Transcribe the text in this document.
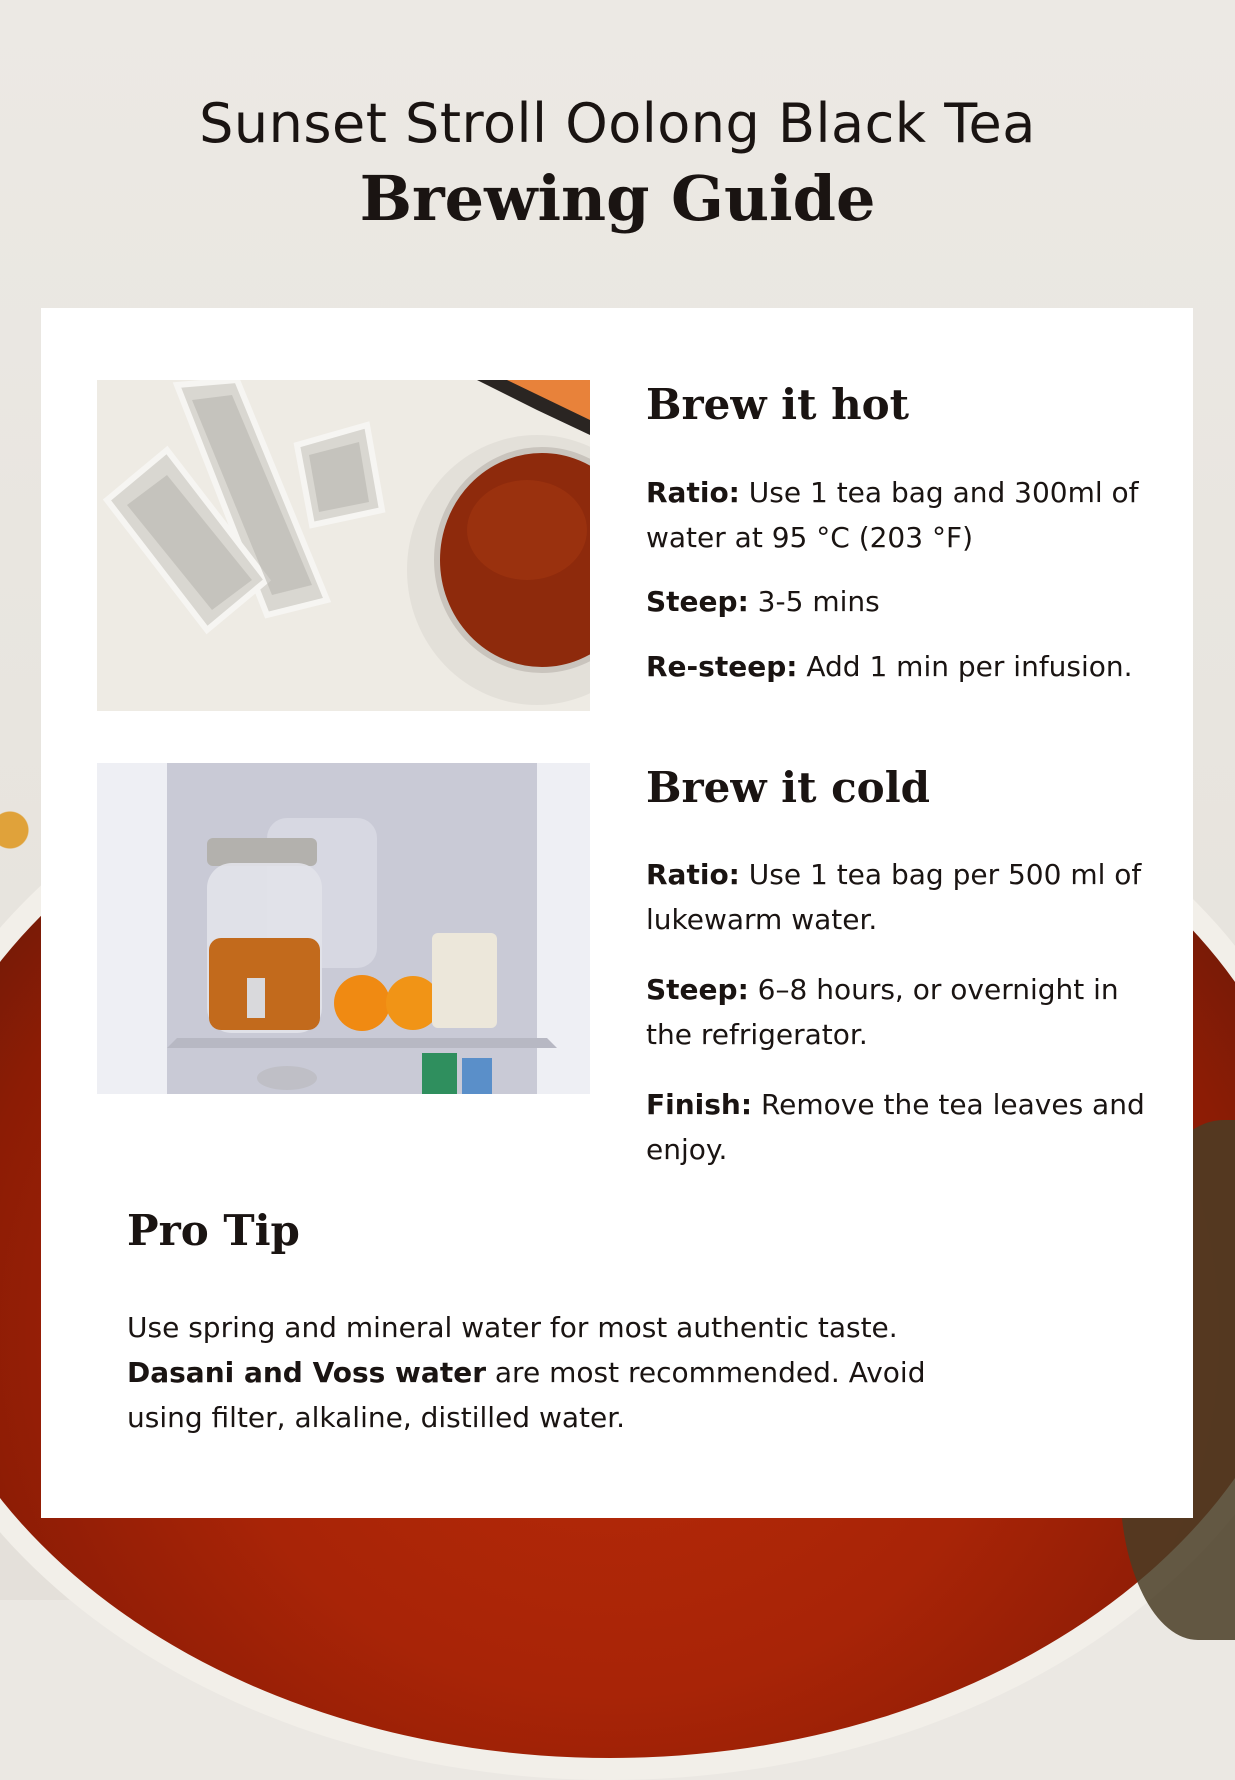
Sunset Stroll Oolong Black Tea
Brewing Guide
Brew it hot

Ratio: Use 1 tea bag and 300ml of water at 95 °C (203 °F)

Steep: 3-5 mins

Re-steep: Add 1 min per infusion.

Brew it cold

Ratio: Use 1 tea bag per 500 ml of lukewarm water.

Steep: 6–8 hours, or overnight in the refrigerator.

Finish: Remove the tea leaves and enjoy.

Pro Tip

Use spring and mineral water for most authentic taste.
Dasani and Voss water are most recommended. Avoid using filter, alkaline, distilled water.
